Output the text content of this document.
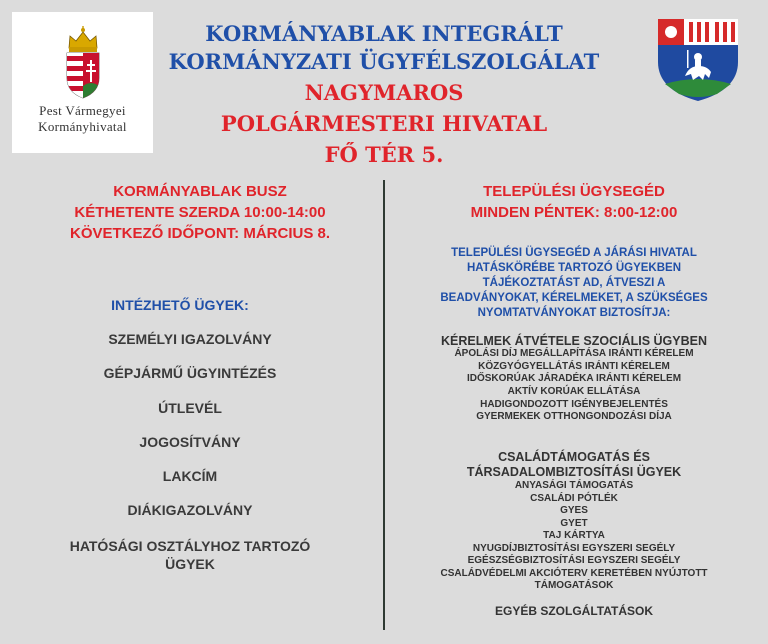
Pest Vármegyei
Kormányhivatal
KORMÁNYABLAK INTEGRÁLT
KORMÁNYZATI ÜGYFÉLSZOLGÁLAT
NAGYMAROS
POLGÁRMESTERI HIVATAL
FŐ TÉR 5.
KORMÁNYABLAK BUSZ
KÉTHETENTE SZERDA 10:00-14:00
KÖVETKEZŐ IDŐPONT: MÁRCIUS 8.
INTÉZHETŐ ÜGYEK:
SZEMÉLYI IGAZOLVÁNY
GÉPJÁRMŰ ÜGYINTÉZÉS
ÚTLEVÉL
JOGOSÍTVÁNY
LAKCÍM
DIÁKIGAZOLVÁNY
HATÓSÁGI OSZTÁLYHOZ TARTOZÓ
ÜGYEK
TELEPÜLÉSI ÜGYSEGÉD
MINDEN PÉNTEK: 8:00-12:00
TELEPÜLÉSI ÜGYSEGÉD A JÁRÁSI HIVATAL
HATÁSKÖRÉBE TARTOZÓ ÜGYEKBEN
TÁJÉKOZTATÁST AD, ÁTVESZI A
BEADVÁNYOKAT, KÉRELMEKET, A SZÜKSÉGES
NYOMTATVÁNYOKAT BIZTOSÍTJA:
KÉRELMEK ÁTVÉTELE SZOCIÁLIS ÜGYBEN
ÁPOLÁSI DÍJ MEGÁLLAPÍTÁSA IRÁNTI KÉRELEM
KÖZGYÓGYELLÁTÁS IRÁNTI KÉRELEM
IDŐSKORÚAK JÁRADÉKA IRÁNTI KÉRELEM
AKTÍV KORÚAK ELLÁTÁSA
HADIGONDOZOTT IGÉNYBEJELENTÉS
GYERMEKEK OTTHONGONDOZÁSI DÍJA
CSALÁDTÁMOGATÁS ÉS
TÁRSADALOMBIZTOSÍTÁSI ÜGYEK
ANYASÁGI TÁMOGATÁS
CSALÁDI PÓTLÉK
GYES
GYET
TAJ KÁRTYA
NYUGDÍJBIZTOSÍTÁSI EGYSZERI SEGÉLY
EGÉSZSÉGBIZTOSÍTÁSI EGYSZERI SEGÉLY
CSALÁDVÉDELMI AKCIÓTERV KERETÉBEN NYÚJTOTT
TÁMOGATÁSOK
EGYÉB SZOLGÁLTATÁSOK
